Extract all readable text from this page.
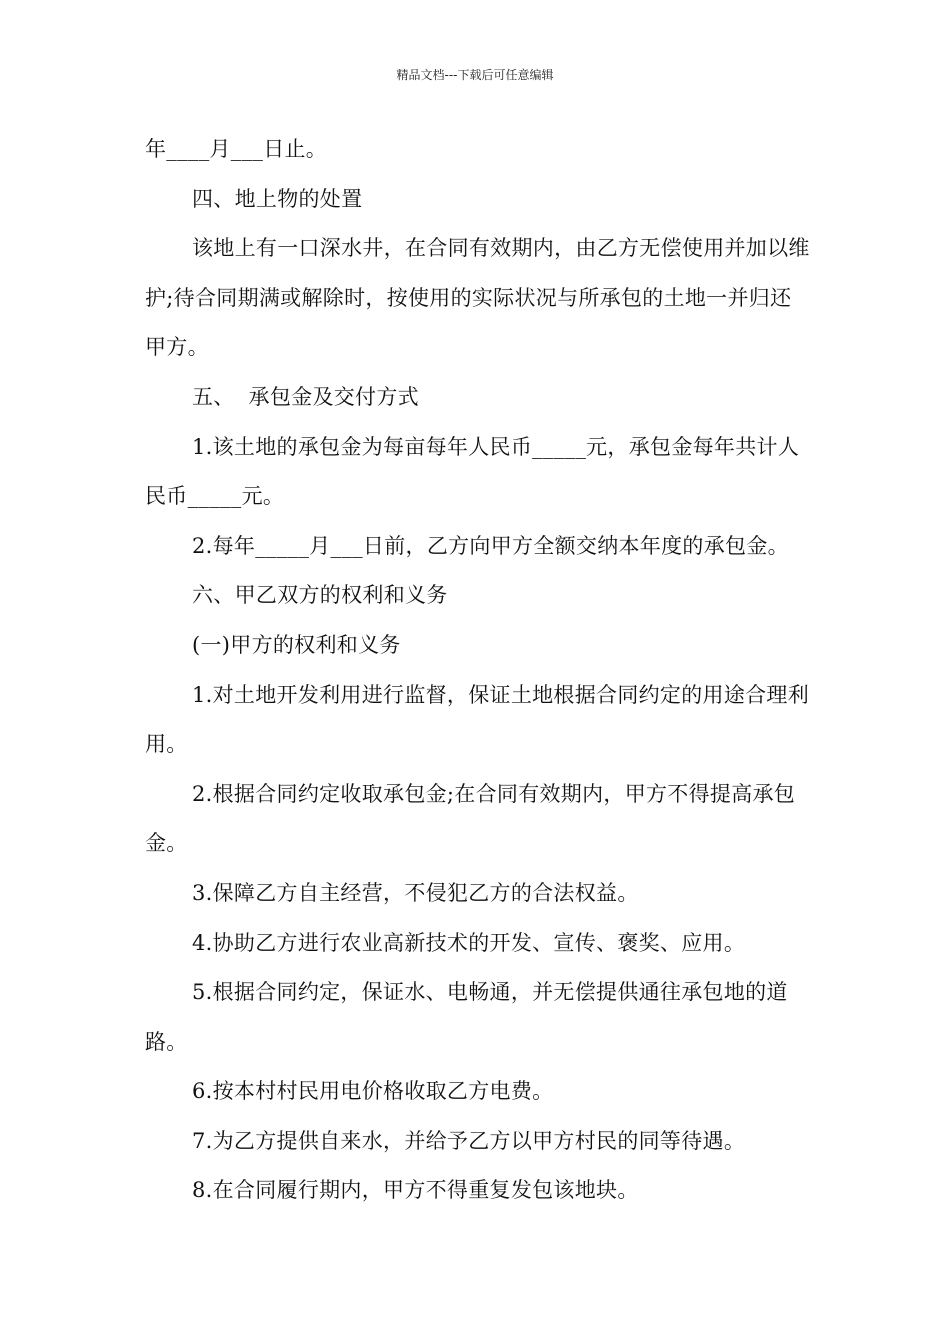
精品文档---下载后可任意编辑

年____月___日止。

四、地上物的处置

该地上有一口深水井，在合同有效期内，由乙方无偿使用并加以维护;待合同期满或解除时，按使用的实际状况与所承包的土地一并归还甲方。

五、  承包金及交付方式

1.该土地的承包金为每亩每年人民币_____元，承包金每年共计人民币_____元。

2.每年_____月___日前，乙方向甲方全额交纳本年度的承包金。

六、甲乙双方的权利和义务

(一)甲方的权利和义务

1.对土地开发利用进行监督，保证土地根据合同约定的用途合理利用。

2.根据合同约定收取承包金;在合同有效期内，甲方不得提高承包金。

3.保障乙方自主经营，不侵犯乙方的合法权益。

4.协助乙方进行农业高新技术的开发、宣传、褒奖、应用。

5.根据合同约定，保证水、电畅通，并无偿提供通往承包地的道路。

6.按本村村民用电价格收取乙方电费。

7.为乙方提供自来水，并给予乙方以甲方村民的同等待遇。

8.在合同履行期内，甲方不得重复发包该地块。
